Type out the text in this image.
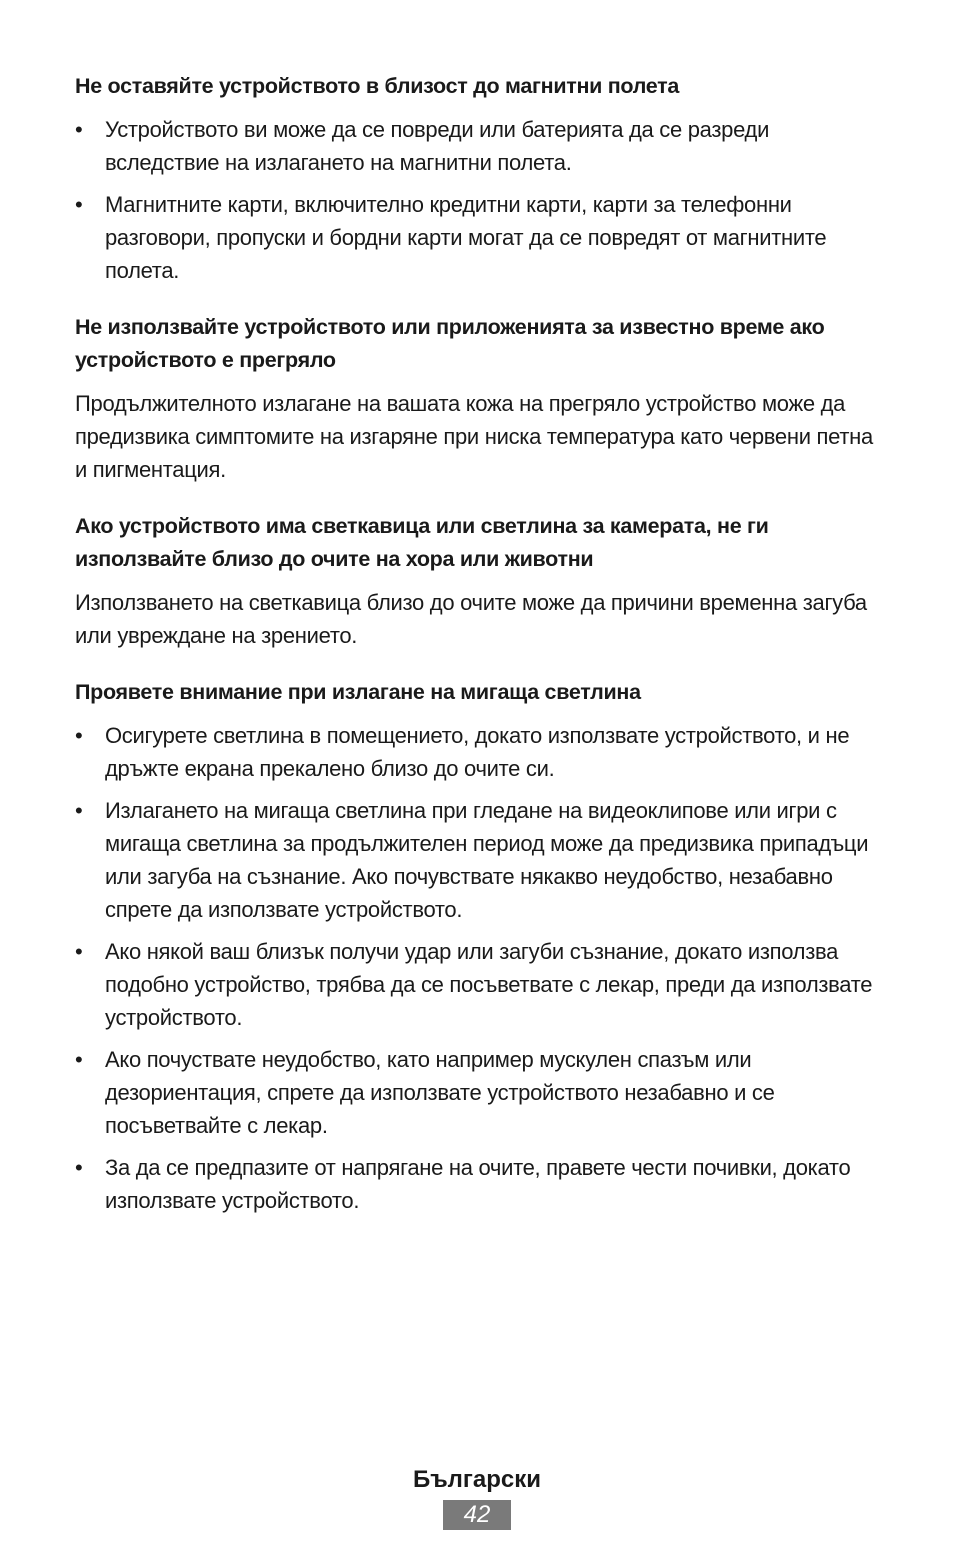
Не оставяйте устройството в близост до магнитни полета
• Устройството ви може да се повреди или батерията да се разреди вследствие на излагането на магнитни полета.
• Магнитните карти, включително кредитни карти, карти за телефонни разговори, пропуски и бордни карти могат да се повредят от магнитните полета.
Не използвайте устройството или приложенията за известно време ако устройството е прегряло

Продължителното излагане на вашата кожа на прегряло устройство може да предизвика симптомите на изгаряне при ниска температура като червени петна и пигментация.

Ако устройството има светкавица или светлина за камерата, не ги използвайте близо до очите на хора или животни

Използването на светкавица близо до очите може да причини временна загуба или увреждане на зрението.

Проявете внимание при излагане на мигаща светлина
• Осигурете светлина в помещението, докато използвате устройството, и не дръжте екрана прекалено близо до очите си.
• Излагането на мигаща светлина при гледане на видеоклипове или игри с мигаща светлина за продължителен период може да предизвика припадъци или загуба на съзнание. Ако почувствате някакво неудобство, незабавно спрете да използвате устройството.
• Ако някой ваш близък получи удар или загуби съзнание, докато използва подобно устройство, трябва да се посъветвате с лекар, преди да използвате устройството.
• Ако почуствате неудобство, като например мускулен спазъм или дезориентация, спрете да използвате устройството незабавно и се посъветвайте с лекар.
• За да се предпазите от напрягане на очите, правете чести почивки, докато използвате устройството.
Български
42
